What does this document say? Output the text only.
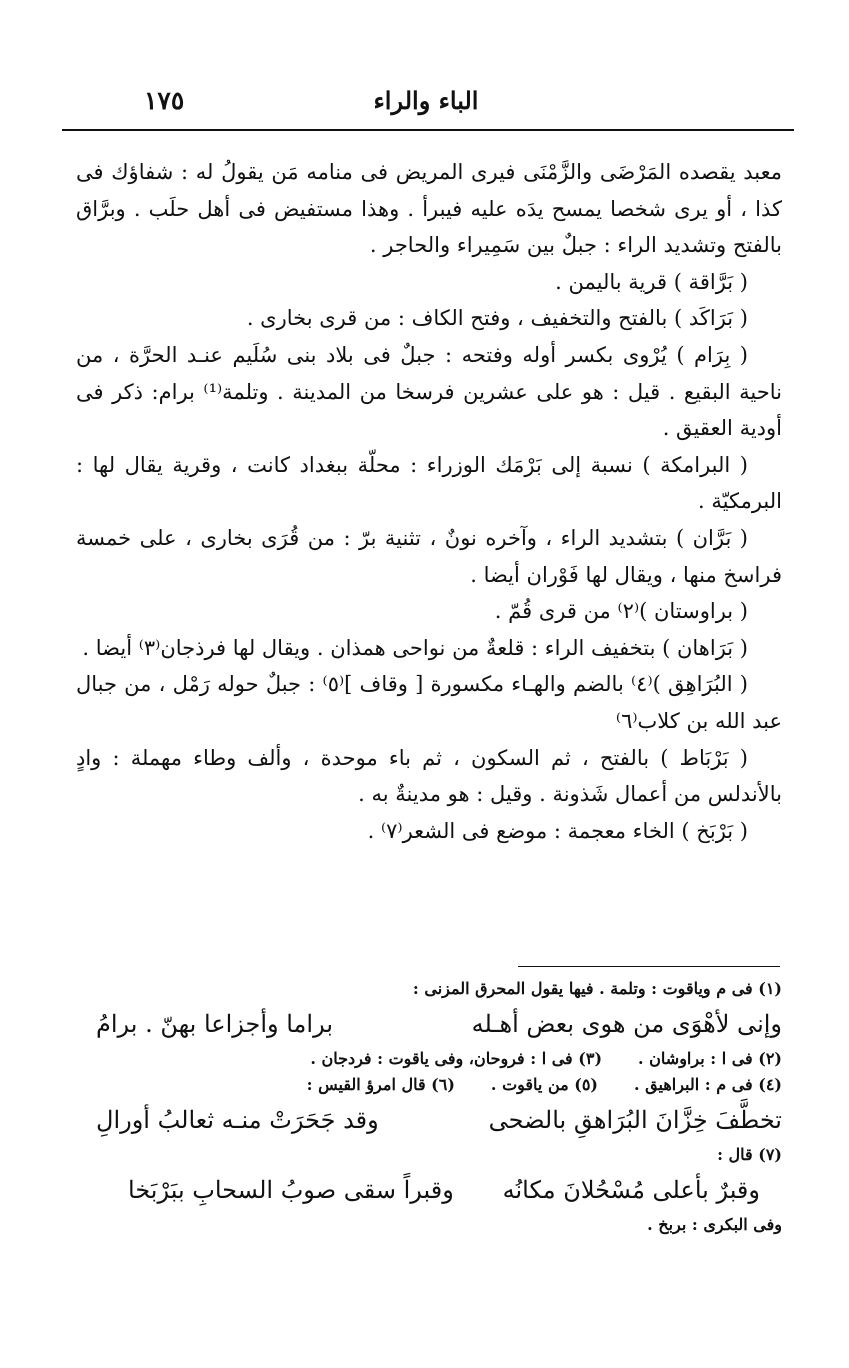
الباء والراء
١٧٥

معبد يقصده المَرْضَى والزَّمْنَى فيرى المريض فى منامه مَن يقولُ له : شفاؤك فى كذا ، أو يرى شخصا يمسح يدَه عليه فيبرأ . وهذا مستفيض فى أهل حلَب . وبرَّاق بالفتح وتشديد الراء : جبلٌ بين سَمِيراء والحاجر .

( بَرَّاقة ) قرية باليمن .

( بَرَاكَد ) بالفتح والتخفيف ، وفتح الكاف : من قرى بخارى .

( بِرَام ) يُرْوى بكسر أوله وفتحه : جبلٌ فى بلاد بنى سُلَيم عنـد الحرَّة ، من ناحية البقيع . قيل : هو على عشرين فرسخا من المدينة . وتلمة⁽¹⁾ برام: ذكر فى أودية العقيق .

( البرامكة ) نسبة إلى بَرْمَك الوزراء : محلّة ببغداد كانت ، وقرية يقال لها : البرمكيّة .

( بَرَّان ) بتشديد الراء ، وآخره نونٌ ، تثنية برّ : من قُرَى بخارى ، على خمسة فراسخ منها ، ويقال لها فَوْران أيضا .

( براوستان )⁽٢⁾ من قرى قُمّ .

( بَرَاهان ) بتخفيف الراء : قلعةٌ من نواحى همذان . ويقال لها فرذجان⁽٣⁾ أيضا .

( البُرَاهِق )⁽٤⁾ بالضم والهـاء مكسورة [ وقاف ]⁽٥⁾ : جبلٌ حوله رَمْل ، من جبال عبد الله بن كلاب⁽٦⁾

( بَرْبَاط ) بالفتح ، ثم السكون ، ثم باء موحدة ، وألف وطاء مهملة : وادٍ بالأندلس من أعمال شَذونة . وقيل : هو مدينةٌ به .

( بَرْبَخ ) الخاء معجمة : موضع فى الشعر⁽٧⁾ .

(١) فى م وياقوت : وتلمة . فيها يقول المحرق المزنى :

وإنى لأهْوَى من هوى بعض أهـله
براما وأجزاعا بهنّ . برامُ

(٢) فى ا : براوشان .(٣) فى ا : فروحان، وفى ياقوت : فردجان .

(٤) فى م : البراهيق .(٥) من ياقوت .(٦) قال امرؤ القيس :

تخطَّفَ خِزَّانَ البُرَاهقِ بالضحى
وقد جَحَرَتْ منـه ثعالبُ أورالِ

(٧) قال :

وقبرٌ بأعلى مُسْحُلانَ مكانُه
وقبراً سقى صوبُ السحابِ ببَرْبَخا

وفى البكرى : بربخ .
